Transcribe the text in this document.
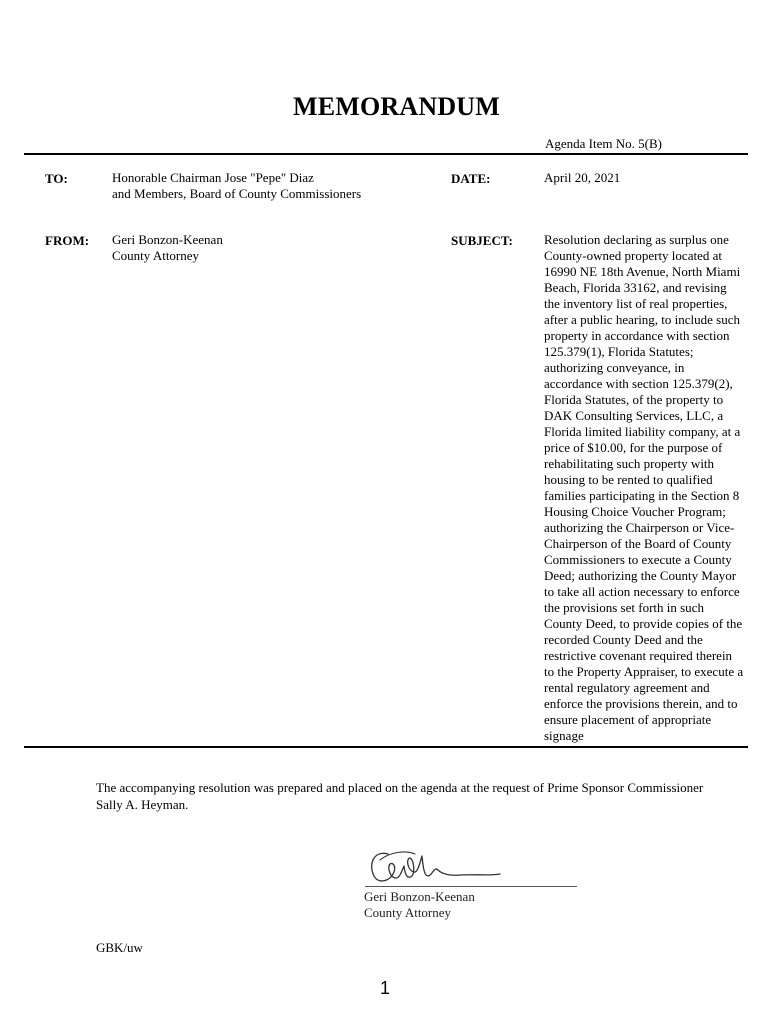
MEMORANDUM
Agenda Item No. 5(B)
TO:	Honorable Chairman Jose "Pepe" Diaz
and Members, Board of County Commissioners
DATE:	April 20, 2021
FROM: Geri Bonzon-Keenan
County Attorney
SUBJECT: Resolution declaring as surplus one
County-owned property located at
16990 NE 18th Avenue, North Miami
Beach, Florida 33162, and revising
the inventory list of real properties,
after a public hearing, to include such
property in accordance with section
125.379(1), Florida Statutes;
authorizing conveyance, in
accordance with section 125.379(2),
Florida Statutes, of the property to
DAK Consulting Services, LLC, a
Florida limited liability company, at a
price of $10.00, for the purpose of
rehabilitating such property with
housing to be rented to qualified
families participating in the Section 8
Housing Choice Voucher Program;
authorizing the Chairperson or Vice-
Chairperson of the Board of County
Commissioners to execute a County
Deed; authorizing the County Mayor
to take all action necessary to enforce
the provisions set forth in such
County Deed, to provide copies of the
recorded County Deed and the
restrictive covenant required therein
to the Property Appraiser, to execute a
rental regulatory agreement and
enforce the provisions therein, and to
ensure placement of appropriate
signage
The accompanying resolution was prepared and placed on the agenda at the request of Prime Sponsor Commissioner
Sally A. Heyman.
Geri Bonzon-Keenan
County Attorney
GBK/uw
1
